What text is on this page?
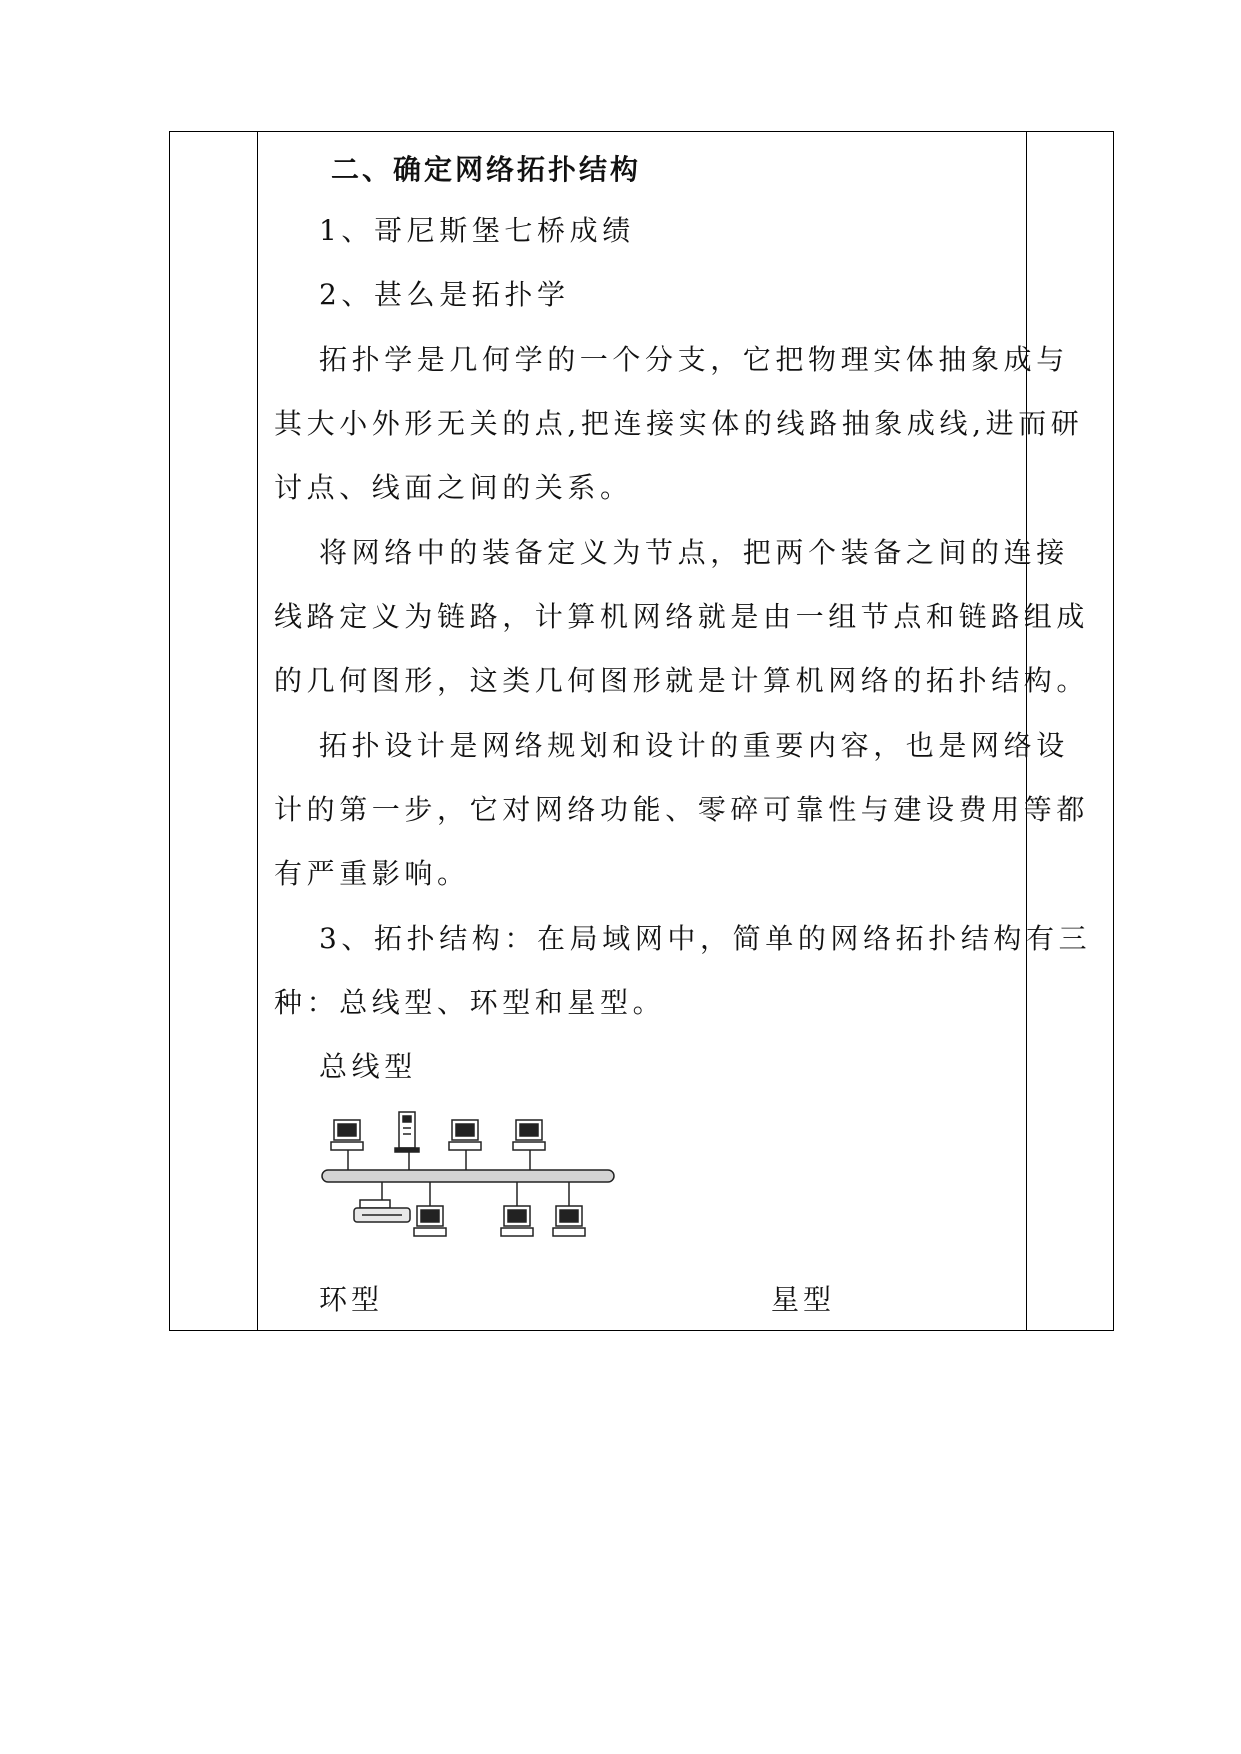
二、确定网络拓扑结构
1、哥尼斯堡七桥成绩
2、甚么是拓扑学
拓扑学是几何学的一个分支，它把物理实体抽象成与
其大小外形无关的点,把连接实体的线路抽象成线,进而研
讨点、线面之间的关系。
将网络中的装备定义为节点，把两个装备之间的连接
线路定义为链路，计算机网络就是由一组节点和链路组成
的几何图形，这类几何图形就是计算机网络的拓扑结构。
拓扑设计是网络规划和设计的重要内容，也是网络设
计的第一步，它对网络功能、零碎可靠性与建设费用等都
有严重影响。
3、拓扑结构：在局域网中，简单的网络拓扑结构有三
种：总线型、环型和星型。
总线型
环型	星型
